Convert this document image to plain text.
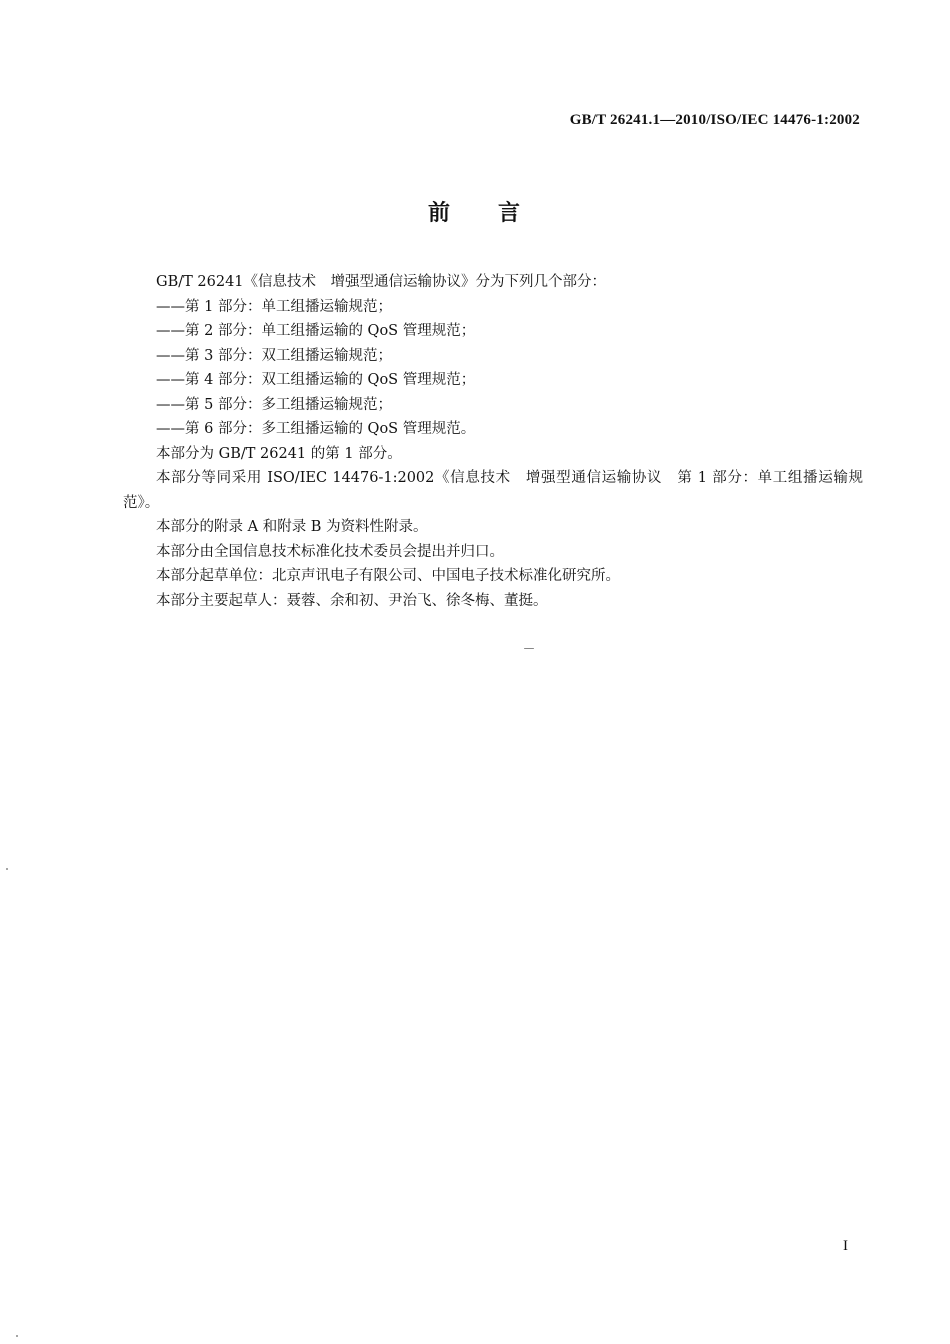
GB/T 26241.1—2010/ISO/IEC 14476-1:2002
前 言

GB/T 26241《信息技术　增强型通信运输协议》分为下列几个部分：

——第 1 部分：单工组播运输规范；

——第 2 部分：单工组播运输的 QoS 管理规范；

——第 3 部分：双工组播运输规范；

——第 4 部分：双工组播运输的 QoS 管理规范；

——第 5 部分：多工组播运输规范；

——第 6 部分：多工组播运输的 QoS 管理规范。

本部分为 GB/T 26241 的第 1 部分。

本部分等同采用 ISO/IEC 14476-1:2002《信息技术　增强型通信运输协议　第 1 部分：单工组播运输规范》。

本部分的附录 A 和附录 B 为资料性附录。

本部分由全国信息技术标准化技术委员会提出并归口。

本部分起草单位：北京声讯电子有限公司、中国电子技术标准化研究所。

本部分主要起草人：聂蓉、余和初、尹治飞、徐冬梅、董挺。

I
